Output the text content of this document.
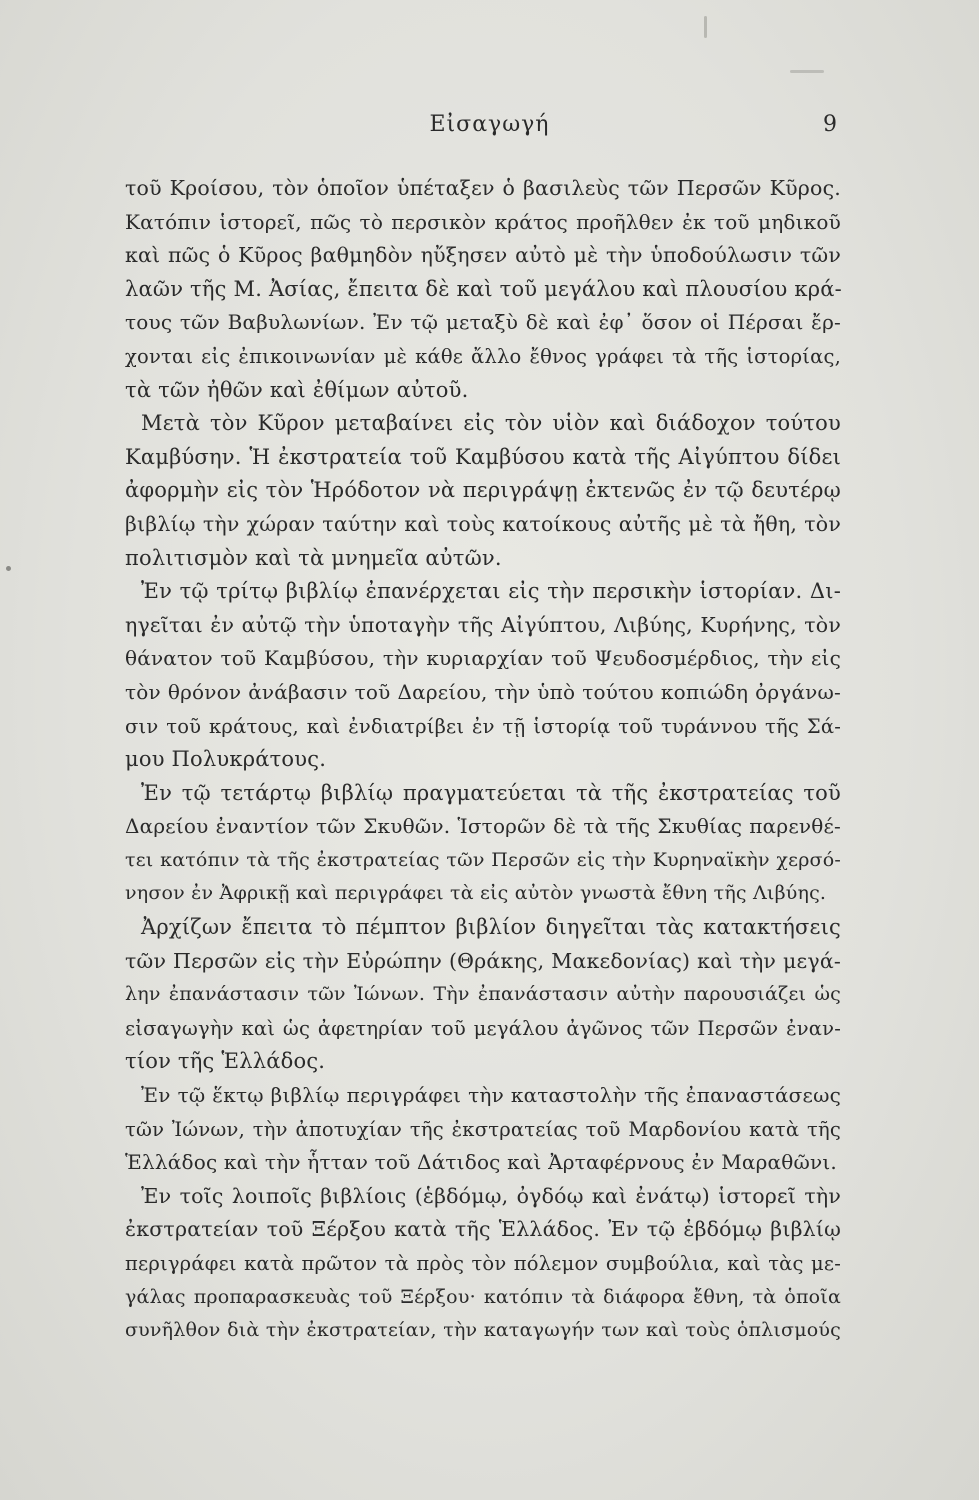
Εἰσαγωγή	9
τοῦ Κροίσου, τὸν ὁποῖον ὑπέταξεν ὁ βασιλεὺς τῶν Περσῶν Κῦρος.
Κατόπιν ἱστορεῖ, πῶς τὸ περσικὸν κράτος προῆλθεν ἐκ τοῦ μηδικοῦ
καὶ πῶς ὁ Κῦρος βαθμηδὸν ηὔξησεν αὐτὸ μὲ τὴν ὑποδούλωσιν τῶν
λαῶν τῆς Μ. Ἀσίας, ἔπειτα δὲ καὶ τοῦ μεγάλου καὶ πλουσίου κρά-
τους τῶν Βαβυλωνίων. Ἐν τῷ μεταξὺ δὲ καὶ ἐφ᾽ ὅσον οἱ Πέρσαι ἔρ-
χονται εἰς ἐπικοινωνίαν μὲ κάθε ἄλλο ἔθνος γράφει τὰ τῆς ἱστορίας,
τὰ τῶν ἠθῶν καὶ ἐθίμων αὐτοῦ.
Μετὰ τὸν Κῦρον μεταβαίνει εἰς τὸν υἱὸν καὶ διάδοχον τούτου
Καμβύσην. Ἡ ἐκστρατεία τοῦ Καμβύσου κατὰ τῆς Αἰγύπτου δίδει
ἀφορμὴν εἰς τὸν Ἡρόδοτον νὰ περιγράψῃ ἐκτενῶς ἐν τῷ δευτέρῳ
βιβλίῳ τὴν χώραν ταύτην καὶ τοὺς κατοίκους αὐτῆς μὲ τὰ ἤθη, τὸν
πολιτισμὸν καὶ τὰ μνημεῖα αὐτῶν.
Ἐν τῷ τρίτῳ βιβλίῳ ἐπανέρχεται εἰς τὴν περσικὴν ἱστορίαν. Δι-
ηγεῖται ἐν αὐτῷ τὴν ὑποταγὴν τῆς Αἰγύπτου, Λιβύης, Κυρήνης, τὸν
θάνατον τοῦ Καμβύσου, τὴν κυριαρχίαν τοῦ Ψευδοσμέρδιος, τὴν εἰς
τὸν θρόνον ἀνάβασιν τοῦ Δαρείου, τὴν ὑπὸ τούτου κοπιώδη ὀργάνω-
σιν τοῦ κράτους, καὶ ἐνδιατρίβει ἐν τῇ ἱστορίᾳ τοῦ τυράννου τῆς Σά-
μου Πολυκράτους.
Ἐν τῷ τετάρτῳ βιβλίῳ πραγματεύεται τὰ τῆς ἐκστρατείας τοῦ
Δαρείου ἐναντίον τῶν Σκυθῶν. Ἱστορῶν δὲ τὰ τῆς Σκυθίας παρενθέ-
τει κατόπιν τὰ τῆς ἐκστρατείας τῶν Περσῶν εἰς τὴν Κυρηναϊκὴν χερσό-
νησον ἐν Ἀφρικῇ καὶ περιγράφει τὰ εἰς αὐτὸν γνωστὰ ἔθνη τῆς Λιβύης.
Ἀρχίζων ἔπειτα τὸ πέμπτον βιβλίον διηγεῖται τὰς κατακτήσεις
τῶν Περσῶν εἰς τὴν Εὐρώπην (Θράκης, Μακεδονίας) καὶ τὴν μεγά-
λην ἐπανάστασιν τῶν Ἰώνων. Τὴν ἐπανάστασιν αὐτὴν παρουσιάζει ὡς
εἰσαγωγὴν καὶ ὡς ἀφετηρίαν τοῦ μεγάλου ἀγῶνος τῶν Περσῶν ἐναν-
τίον τῆς Ἑλλάδος.
Ἐν τῷ ἕκτῳ βιβλίῳ περιγράφει τὴν καταστολὴν τῆς ἐπαναστάσεως
τῶν Ἰώνων, τὴν ἀποτυχίαν τῆς ἐκστρατείας τοῦ Μαρδονίου κατὰ τῆς
Ἑλλάδος καὶ τὴν ἧτταν τοῦ Δάτιδος καὶ Ἀρταφέρνους ἐν Μαραθῶνι.
Ἐν τοῖς λοιποῖς βιβλίοις (ἑβδόμῳ, ὀγδόῳ καὶ ἐνάτῳ) ἱστορεῖ τὴν
ἐκστρατείαν τοῦ Ξέρξου κατὰ τῆς Ἑλλάδος. Ἐν τῷ ἑβδόμῳ βιβλίῳ
περιγράφει κατὰ πρῶτον τὰ πρὸς τὸν πόλεμον συμβούλια, καὶ τὰς με-
γάλας προπαρασκευὰς τοῦ Ξέρξου· κατόπιν τὰ διάφορα ἔθνη, τὰ ὁποῖα
συνῆλθον διὰ τὴν ἐκστρατείαν, τὴν καταγωγήν των καὶ τοὺς ὁπλισμούς
